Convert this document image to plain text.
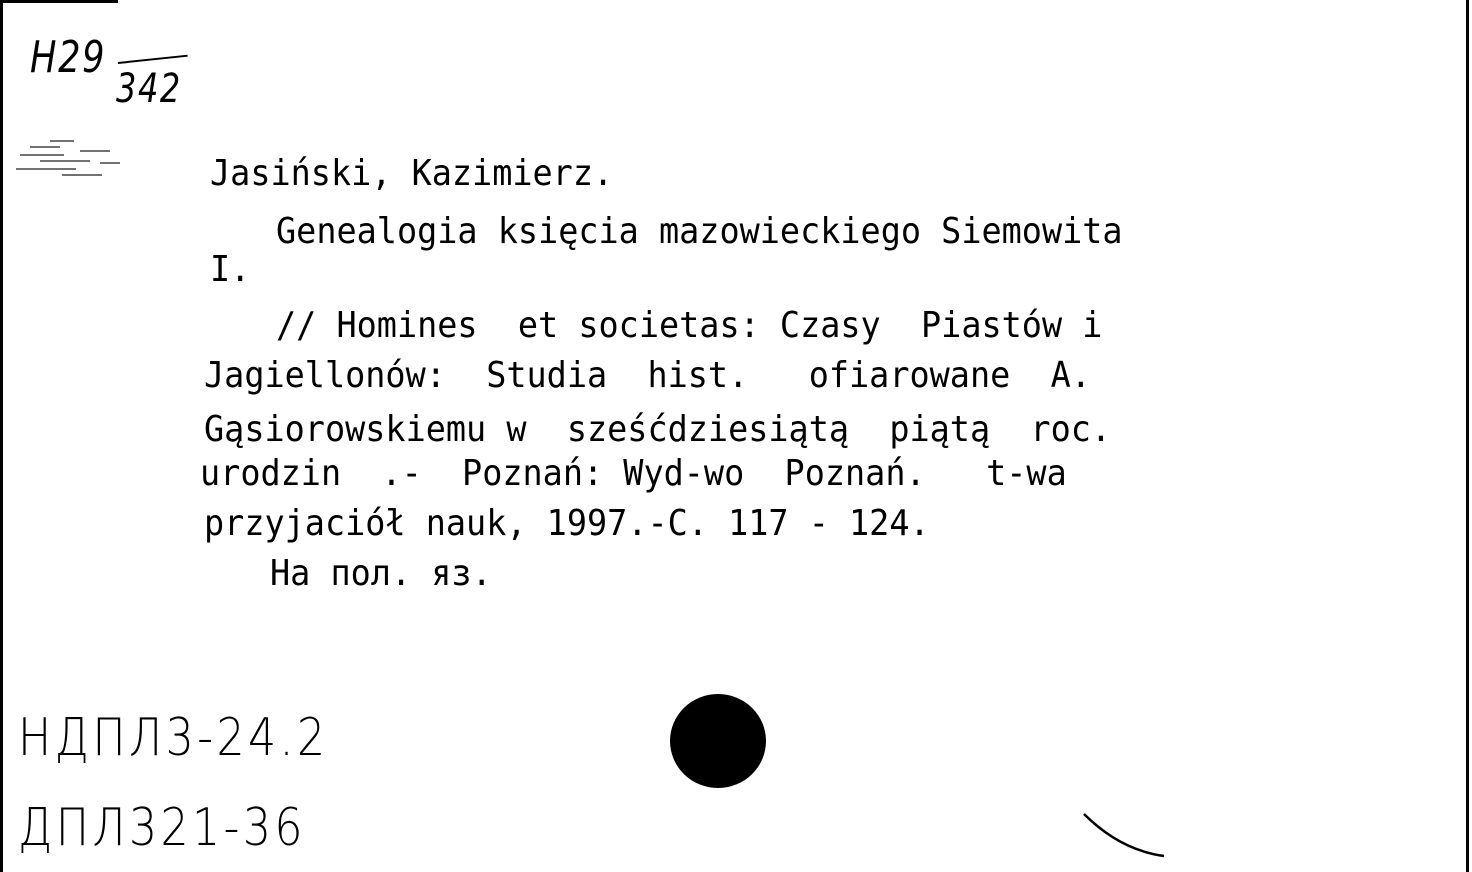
H29
342
Jasiński, Kazimierz.
Genealogia księcia mazowieckiego Siemowita
I.
// Homines  et societas: Czasy  Piastów i
Jagiellonów:  Studia  hist.   ofiarowane  A.
Gąsiorowskiemu w  sześćdziesiątą  piątą  roc.
urodzin  .-  Poznań: Wyd-wo  Poznań.   t-wa
przyjaciół nauk, 1997.-C. 117 - 124.
На пол. яз.
НДПЛ3-24.2
ДПЛ321-36
